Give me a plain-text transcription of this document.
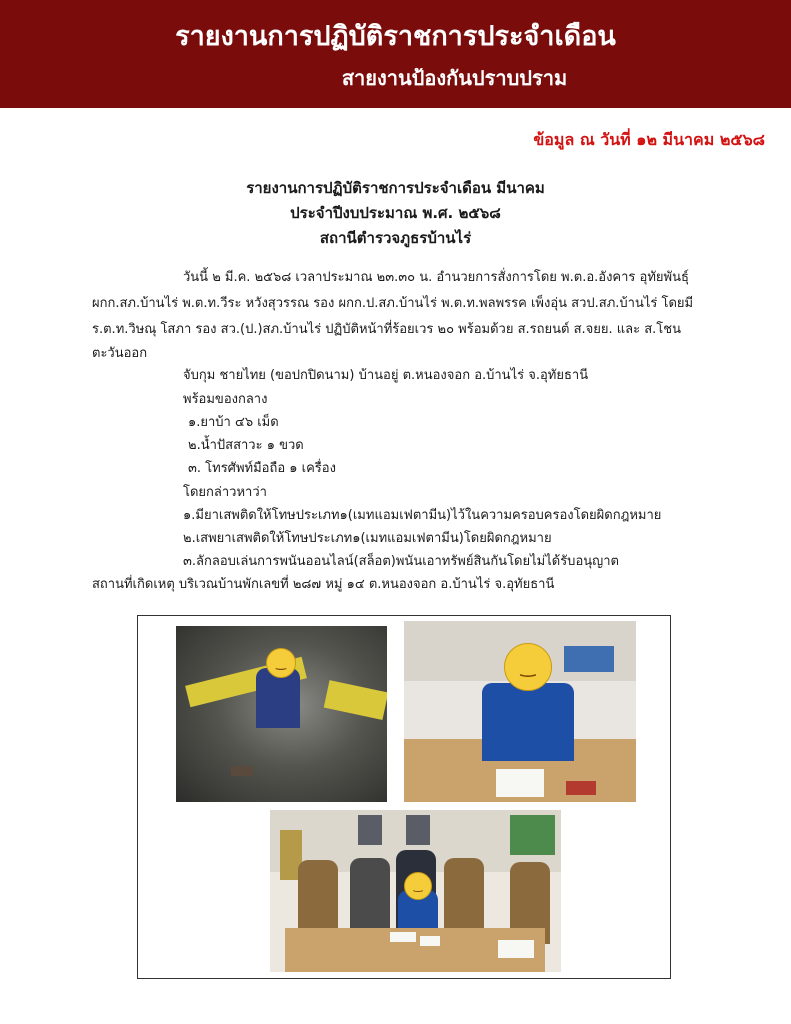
รายงานการปฏิบัติราชการประจำเดือน
สายงานป้องกันปราบปราม
ข้อมูล ณ วันที่ ๑๒ มีนาคม ๒๕๖๘
รายงานการปฏิบัติราชการประจำเดือน มีนาคม
ประจำปีงบประมาณ พ.ศ. ๒๕๖๘
สถานีตำรวจภูธรบ้านไร่
วันนี้ ๒ มี.ค. ๒๕๖๘ เวลาประมาณ ๒๓.๓๐ น. อำนวยการสั่งการโดย พ.ต.อ.อังคาร อุทัยพันธุ์
ผกก.สภ.บ้านไร่ พ.ต.ท.วีระ หวังสุวรรณ รอง ผกก.ป.สภ.บ้านไร่ พ.ต.ท.พลพรรค เพ็งอุ่น สวป.สภ.บ้านไร่ โดยมี
ร.ต.ท.วิษณุ โสภา รอง สว.(ป.)สภ.บ้านไร่ ปฏิบัติหน้าที่ร้อยเวร ๒๐ พร้อมด้วย ส.รถยนต์ ส.จยย. และ ส.โชน
ตะวันออก
จับกุม ชายไทย (ขอปกปิดนาม) บ้านอยู่ ต.หนองจอก อ.บ้านไร่ จ.อุทัยธานี
พร้อมของกลาง
๑.ยาบ้า ๔๖ เม็ด
๒.น้ำปัสสาวะ ๑ ขวด
๓. โทรศัพท์มือถือ ๑ เครื่อง
โดยกล่าวหาว่า
๑.มียาเสพติดให้โทษประเภท๑(เมทแอมเฟตามีน)ไว้ในความครอบครองโดยผิดกฎหมาย
๒.เสพยาเสพติดให้โทษประเภท๑(เมทแอมเฟตามีน)โดยผิดกฎหมาย
๓.ลักลอบเล่นการพนันออนไลน์(สล็อต)พนันเอาทรัพย์สินกันโดยไม่ได้รับอนุญาต
สถานที่เกิดเหตุ บริเวณบ้านพักเลขที่ ๒๘๗ หมู่ ๑๔ ต.หนองจอก อ.บ้านไร่ จ.อุทัยธานี
‿	‿
‿
